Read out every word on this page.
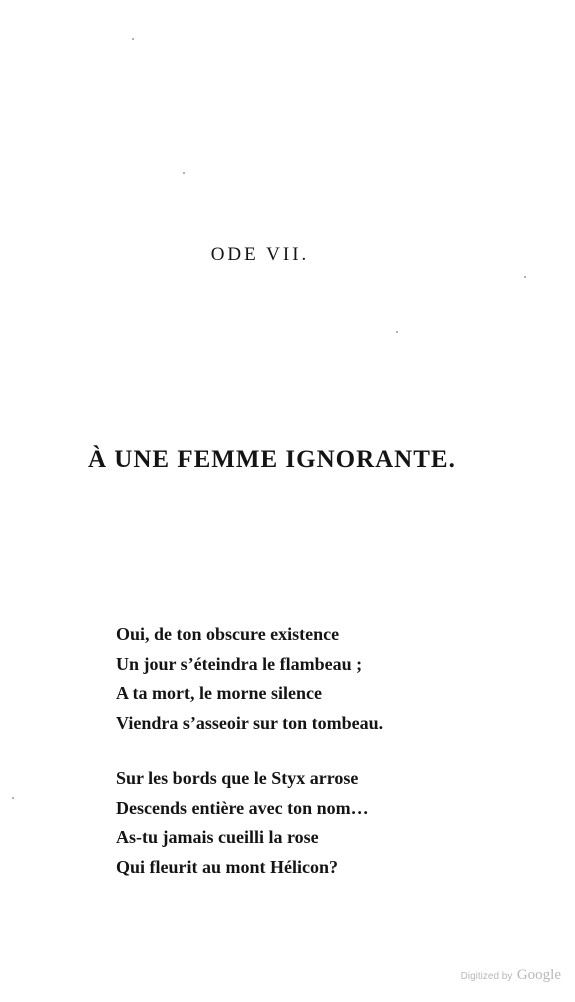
ODE VII.
À UNE FEMME IGNORANTE.
Oui, de ton obscure existence
Un jour s’éteindra le flambeau ;
A ta mort, le morne silence
Viendra s’asseoir sur ton tombeau.
Sur les bords que le Styx arrose
Descends entière avec ton nom…
As-tu jamais cueilli la rose
Qui fleurit au mont Hélicon?
Digitized by Google
